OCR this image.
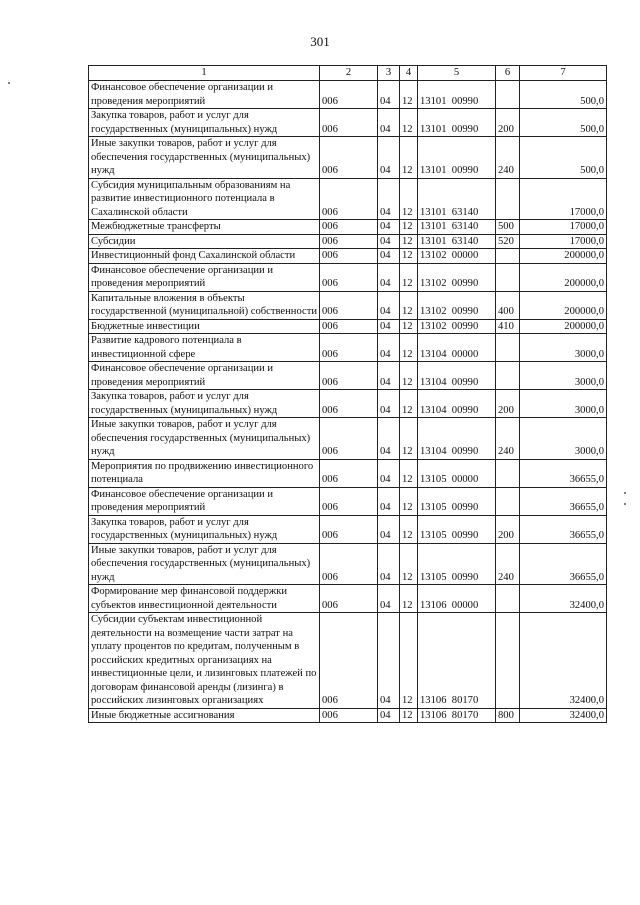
301
1	2	3	4	5	6	7
Финансовое обеспечение организации и проведения мероприятий	006	04	12	13101  00990		500,0
Закупка товаров, работ и услуг для государственных (муниципальных) нужд	006	04	12	13101  00990	200	500,0
Иные закупки товаров, работ и услуг для обеспечения государственных (муниципальных) нужд	006	04	12	13101  00990	240	500,0
Субсидия муниципальным образованиям на развитие инвестиционного потенциала в Сахалинской области	006	04	12	13101  63140		17000,0
Межбюджетные трансферты	006	04	12	13101  63140	500	17000,0
Субсидии	006	04	12	13101  63140	520	17000,0
Инвестиционный фонд Сахалинской области	006	04	12	13102  00000		200000,0
Финансовое обеспечение организации и проведения мероприятий	006	04	12	13102  00990		200000,0
Капитальные вложения в объекты государственной (муниципальной) собственности	006	04	12	13102  00990	400	200000,0
Бюджетные инвестиции	006	04	12	13102  00990	410	200000,0
Развитие кадрового потенциала в инвестиционной сфере	006	04	12	13104  00000		3000,0
Финансовое обеспечение организации и проведения мероприятий	006	04	12	13104  00990		3000,0
Закупка товаров, работ и услуг для государственных (муниципальных) нужд	006	04	12	13104  00990	200	3000,0
Иные закупки товаров, работ и услуг для обеспечения государственных (муниципальных) нужд	006	04	12	13104  00990	240	3000,0
Мероприятия по продвижению инвестиционного потенциала	006	04	12	13105  00000		36655,0
Финансовое обеспечение организации и проведения мероприятий	006	04	12	13105  00990		36655,0
Закупка товаров, работ и услуг для государственных (муниципальных) нужд	006	04	12	13105  00990	200	36655,0
Иные закупки товаров, работ и услуг для обеспечения государственных (муниципальных) нужд	006	04	12	13105  00990	240	36655,0
Формирование мер финансовой поддержки субъектов инвестиционной деятельности	006	04	12	13106  00000		32400,0
Субсидии субъектам инвестиционной деятельности на возмещение части затрат на уплату процентов по кредитам, полученным в российских кредитных организациях на инвестиционные цели, и лизинговых платежей по договорам финансовой аренды (лизинга) в российских лизинговых организациях	006	04	12	13106  80170		32400,0
Иные бюджетные ассигнования	006	04	12	13106  80170	800	32400,0
